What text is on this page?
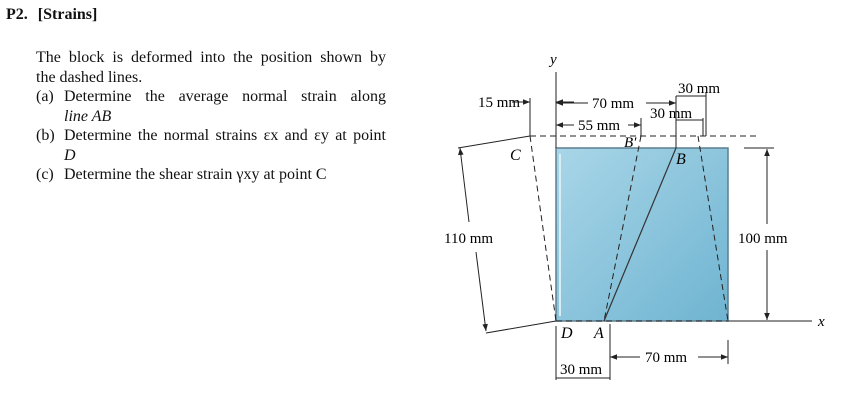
P2. [Strains]

The block is deformed into the position shown by

the dashed lines.

(a) Determine the average normal strain along

line AB

(b) Determine the normal strains εx and εy at point

D

(c) Determine the shear strain γxy at point C
y
x
C
B′
B
D A
15 mm	70 mm
30 mm
55 mm
30 mm
110 mm	100 mm
70 mm
30 mm
